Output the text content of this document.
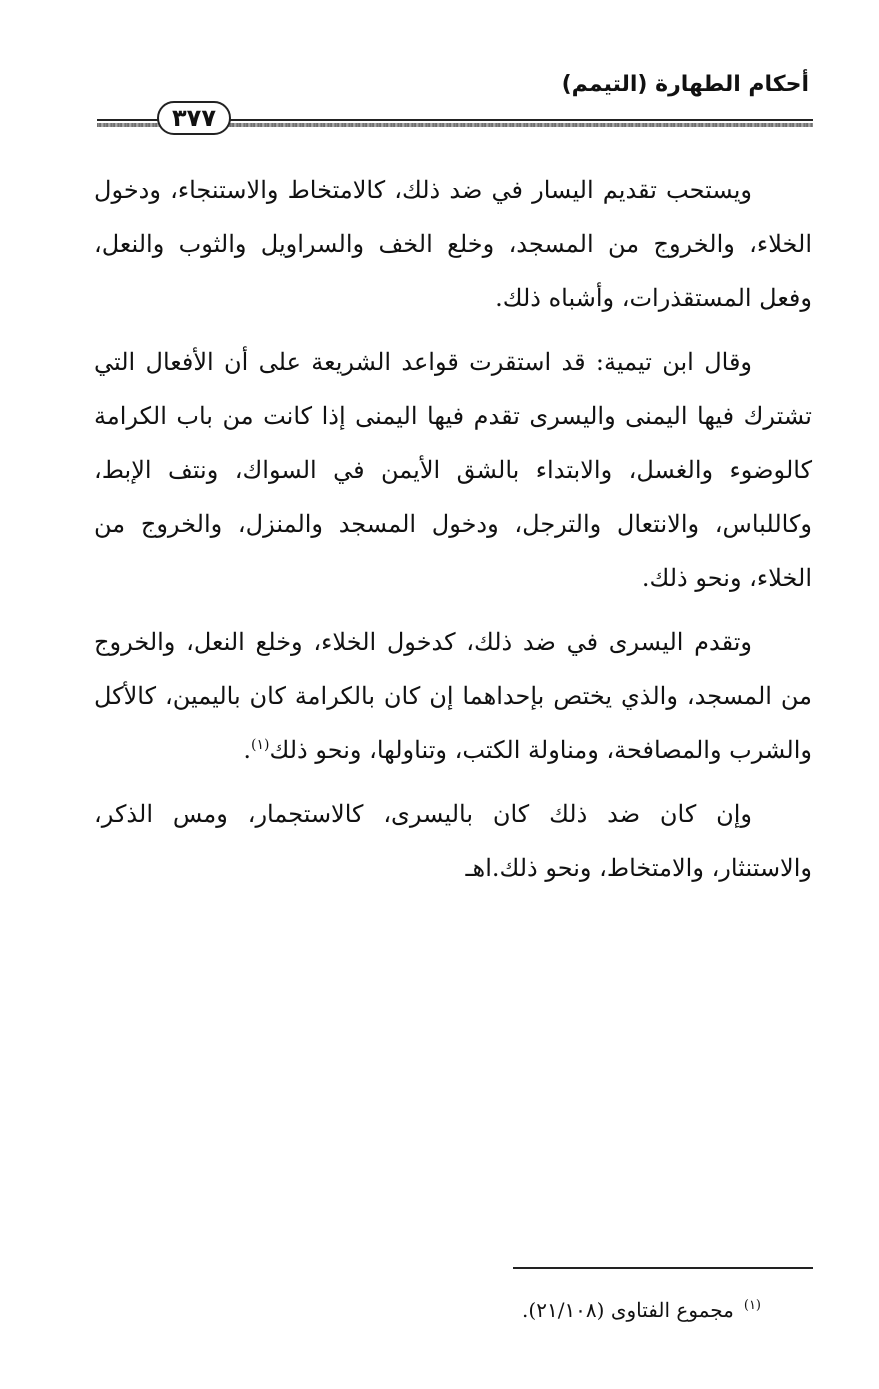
أحكام الطهارة (التيمم)
٣٧٧

ويستحب تقديم اليسار في ضد ذلك، كالامتخاط والاستنجاء، ودخول الخلاء، والخروج من المسجد، وخلع الخف والسراويل والثوب والنعل، وفعل المستقذرات، وأشباه ذلك.

وقال ابن تيمية: قد استقرت قواعد الشريعة على أن الأفعال التي تشترك فيها اليمنى واليسرى تقدم فيها اليمنى إذا كانت من باب الكرامة كالوضوء والغسل، والابتداء بالشق الأيمن في السواك، ونتف الإبط، وكاللباس، والانتعال والترجل، ودخول المسجد والمنزل، والخروج من الخلاء، ونحو ذلك.

وتقدم اليسرى في ضد ذلك، كدخول الخلاء، وخلع النعل، والخروج من المسجد، والذي يختص بإحداهما إن كان بالكرامة كان باليمين، كالأكل والشرب والمصافحة، ومناولة الكتب، وتناولها، ونحو ذلك$^{(١)}$.

وإن كان ضد ذلك كان باليسرى، كالاستجمار، ومس الذكر، والاستنثار، والامتخاط، ونحو ذلك.اهـ

$^{(١)}$مجموع الفتاوى (٢١/١٠٨).
